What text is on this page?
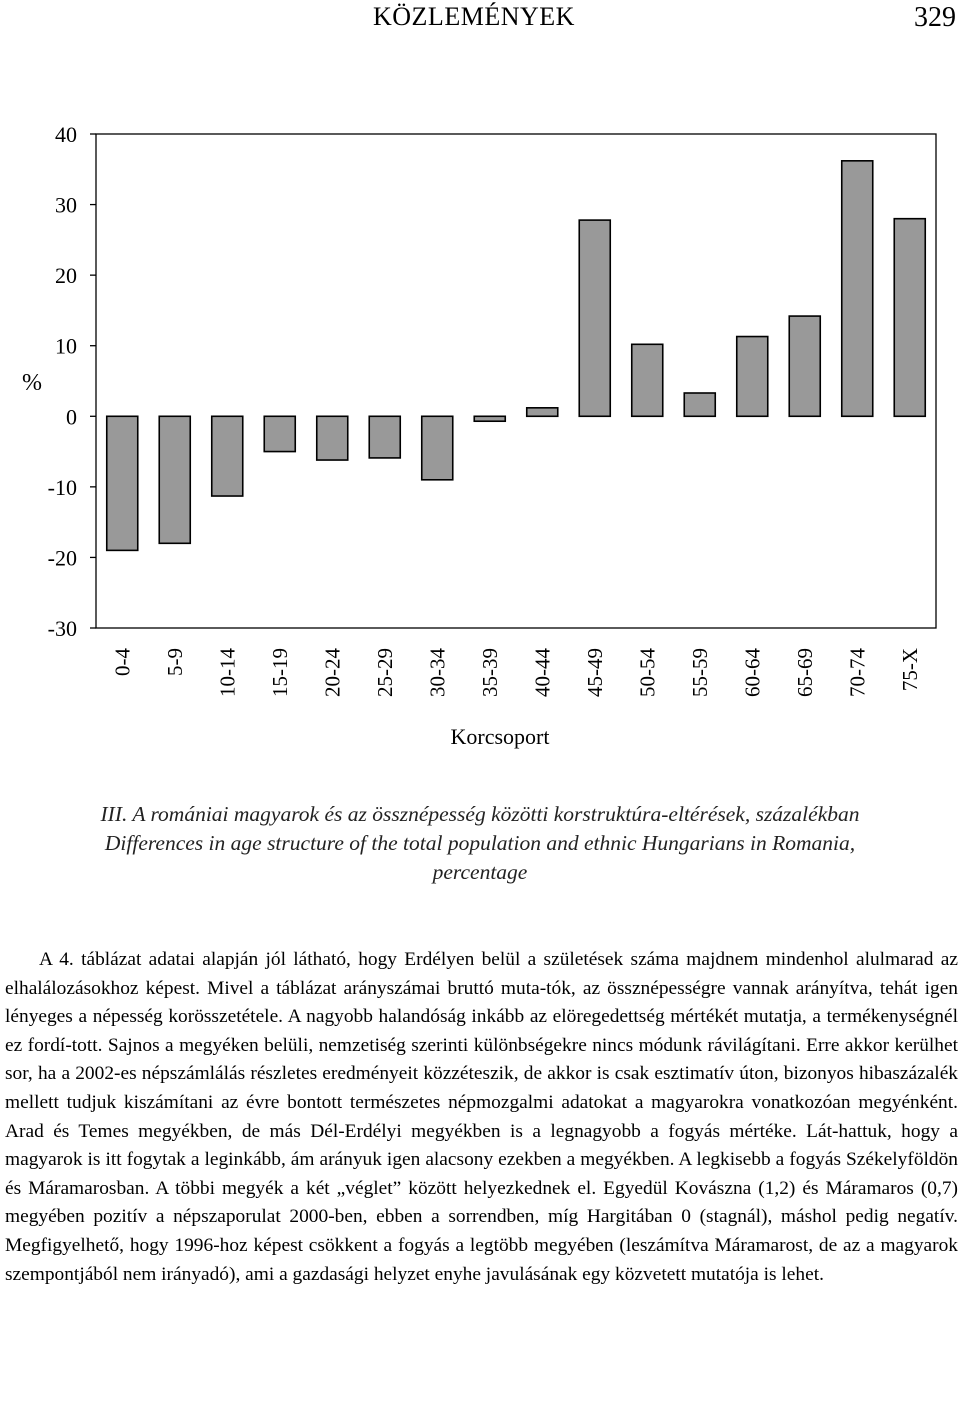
KÖZLEMÉNYEK	329
40
30
20
10
0
-10
-20
-30
0-4 5-9 10-14 15-19 20-24 25-29 30-34 35-39 40-44 45-49 50-54 55-59 60-64 65-69 70-74 75-X
%
Korcsoport
III. A romániai magyarok és az össznépesség közötti korstruktúra-eltérések, százalékban
Differences in age structure of the total population and ethnic Hungarians in Romania,
percentage

A 4. táblázat adatai alapján jól látható, hogy Erdélyen belül a születések száma majdnem mindenhol alulmarad az elhalálozásokhoz képest. Mivel a táblázat arányszámai bruttó muta-tók, az össznépességre vannak arányítva, tehát igen lényeges a népesség korösszetétele. A nagyobb halandóság inkább az elöregedettség mértékét mutatja, a termékenységnél ez fordí-tott. Sajnos a megyéken belüli, nemzetiség szerinti különbségekre nincs módunk rávilágítani. Erre akkor kerülhet sor, ha a 2002-es népszámlálás részletes eredményeit közzéteszik, de akkor is csak esztimatív úton, bizonyos hibaszázalék mellett tudjuk kiszámítani az évre bontott természetes népmozgalmi adatokat a magyarokra vonatkozóan megyénként. Arad és Temes megyékben, de más Dél-Erdélyi megyékben is a legnagyobb a fogyás mértéke. Lát-hattuk, hogy a magyarok is itt fogytak a leginkább, ám arányuk igen alacsony ezekben a megyékben. A legkisebb a fogyás Székelyföldön és Máramarosban. A többi megyék a két „véglet” között helyezkednek el. Egyedül Kovászna (1,2) és Máramaros (0,7) megyében pozitív a népszaporulat 2000-ben, ebben a sorrendben, míg Hargitában 0 (stagnál), máshol pedig negatív. Megfigyelhető, hogy 1996-hoz képest csökkent a fogyás a legtöbb megyében (leszámítva Máramarost, de az a magyarok szempontjából nem irányadó), ami a gazdasági helyzet enyhe javulásának egy közvetett mutatója is lehet.
